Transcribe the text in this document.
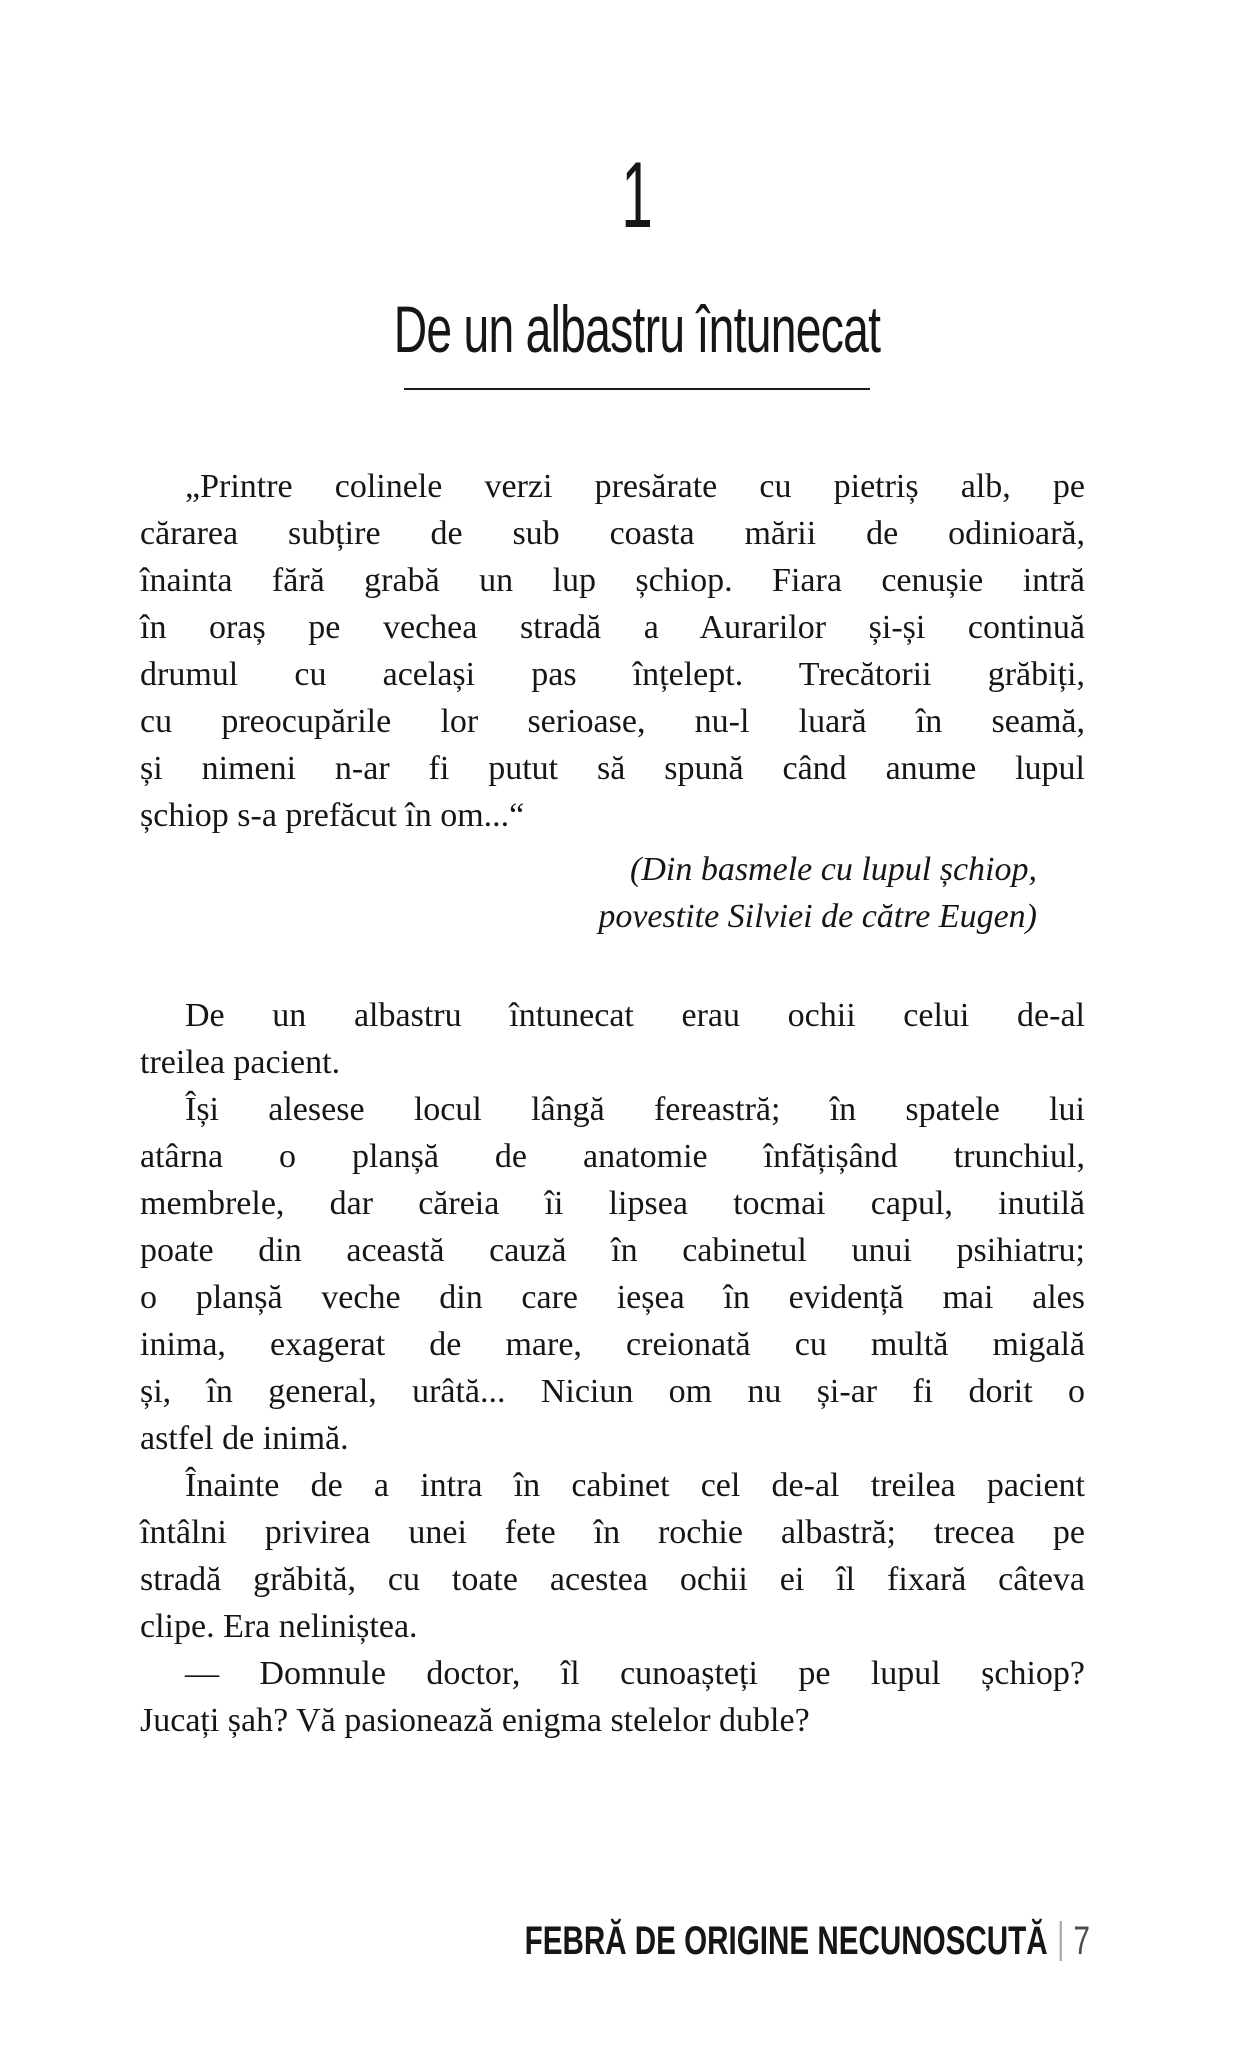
1
De un albastru întunecat
„Printre colinele verzi presărate cu pietriș alb, pe
cărarea subțire de sub coasta mării de odinioară,
înainta fără grabă un lup șchiop. Fiara cenușie intră
în oraș pe vechea stradă a Aurarilor și-și continuă
drumul cu același pas înțelept. Trecătorii grăbiți,
cu preocupările lor serioase, nu-l luară în seamă,
și nimeni n-ar fi putut să spună când anume lupul
șchiop s-a prefăcut în om...“
(Din basmele cu lupul șchiop,
povestite Silviei de către Eugen)
De un albastru întunecat erau ochii celui de-al
treilea pacient.
Își alesese locul lângă fereastră; în spatele lui
atârna o planșă de anatomie înfățișând trunchiul,
membrele, dar căreia îi lipsea tocmai capul, inutilă
poate din această cauză în cabinetul unui psihiatru;
o planșă veche din care ieșea în evidență mai ales
inima, exagerat de mare, creionată cu multă migală
și, în general, urâtă... Niciun om nu și-ar fi dorit o
astfel de inimă.
Înainte de a intra în cabinet cel de-al treilea pacient
întâlni privirea unei fete în rochie albastră; trecea pe
stradă grăbită, cu toate acestea ochii ei îl fixară câteva
clipe. Era neliniștea.
— Domnule doctor, îl cunoașteți pe lupul șchiop?
Jucați șah? Vă pasionează enigma stelelor duble?
FEBRĂ DE ORIGINE NECUNOSCUTĂ 7
